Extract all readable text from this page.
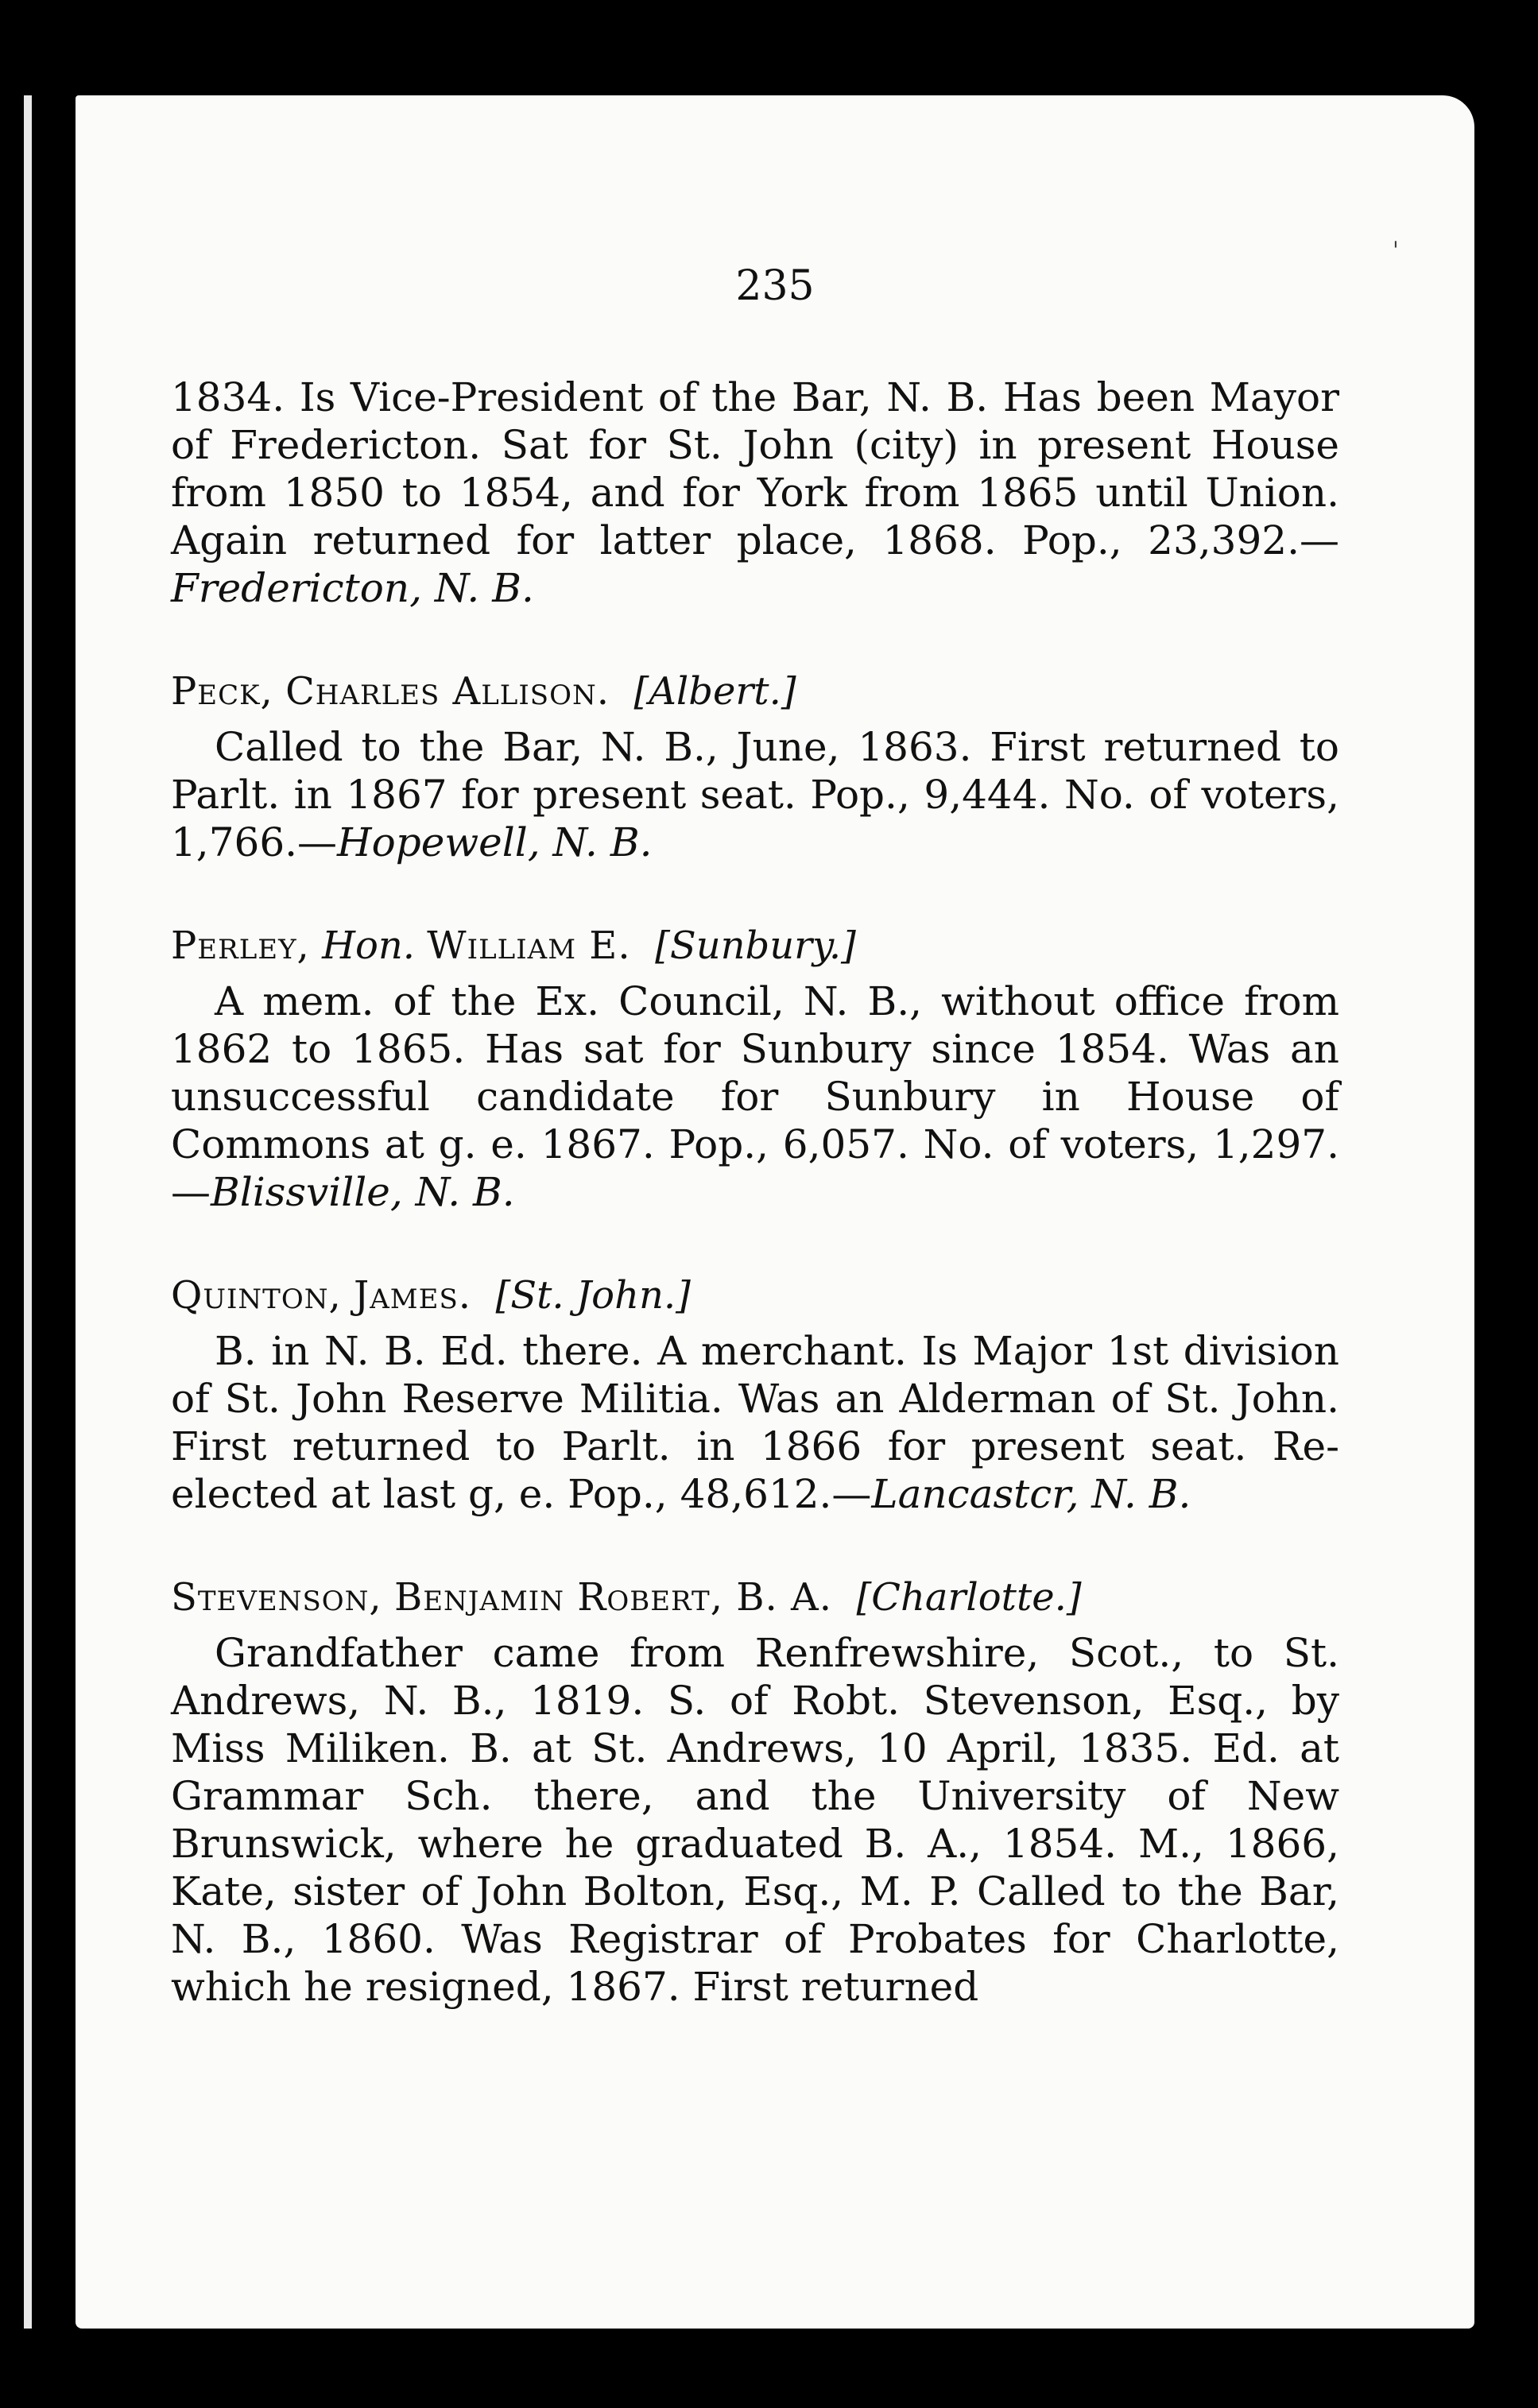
ˌ
235

1834. Is Vice-President of the Bar, N. B. Has been Mayor of Fredericton. Sat for St. John (city) in present House from 1850 to 1854, and for York from 1865 until Union. Again returned for latter place, 1868. Pop., 23,392.—Fredericton, N. B.

Peck, Charles Allison. [Albert.]

Called to the Bar, N. B., June, 1863. First returned to Parlt. in 1867 for present seat. Pop., 9,444. No. of voters, 1,766.—Hopewell, N. B.

Perley, Hon. William E. [Sunbury.]

A mem. of the Ex. Council, N. B., without office from 1862 to 1865. Has sat for Sunbury since 1854. Was an unsuccessful candidate for Sunbury in House of Commons at g. e. 1867. Pop., 6,057. No. of voters, 1,297.—Blissville, N. B.

Quinton, James. [St. John.]

B. in N. B. Ed. there. A merchant. Is Major 1st division of St. John Reserve Militia. Was an Alderman of St. John. First returned to Parlt. in 1866 for present seat. Re-elected at last g, e. Pop., 48,612.—Lancastcr, N. B.

Stevenson, Benjamin Robert, B. A. [Charlotte.]

Grandfather came from Renfrewshire, Scot., to St. Andrews, N. B., 1819. S. of Robt. Stevenson, Esq., by Miss Miliken. B. at St. Andrews, 10 April, 1835. Ed. at Grammar Sch. there, and the University of New Brunswick, where he graduated B. A., 1854. M., 1866, Kate, sister of John Bolton, Esq., M. P. Called to the Bar, N. B., 1860. Was Registrar of Probates for Charlotte, which he resigned, 1867. First returned
